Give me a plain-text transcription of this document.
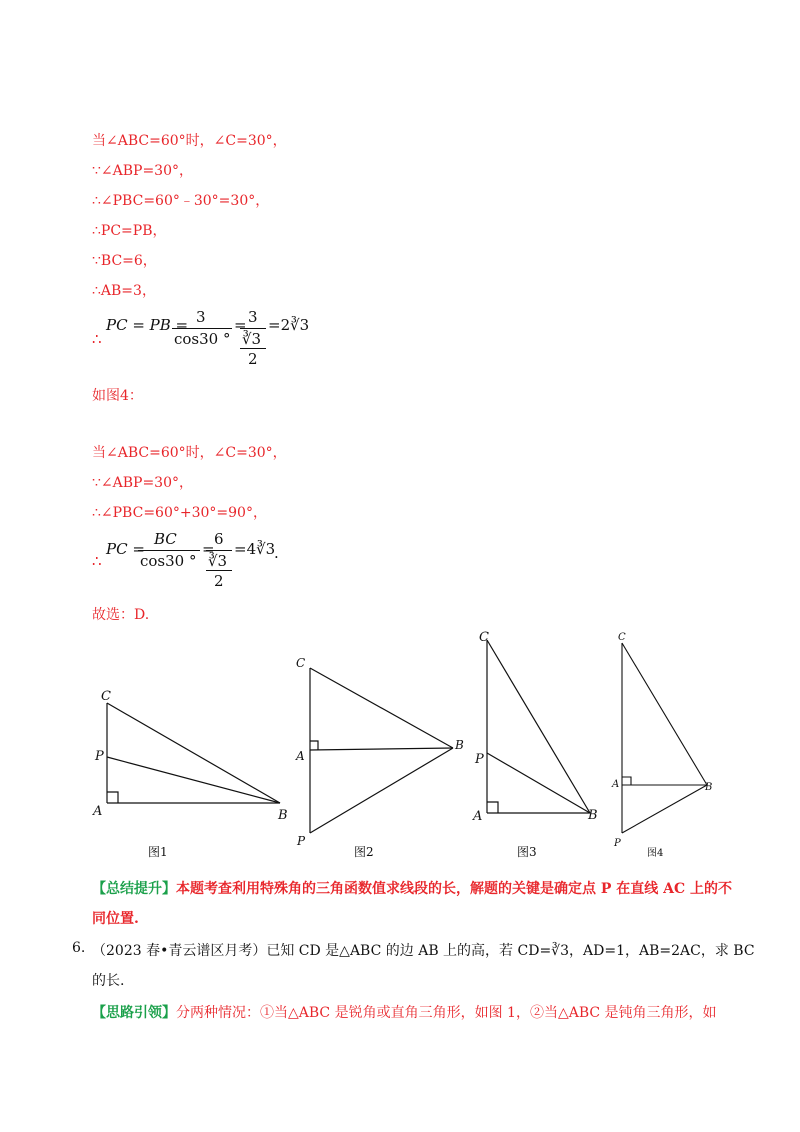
当∠ABC=60°时，∠C=30°，
∵∠ABP=30°，
∴∠PBC=60°﹣30°=30°，
∴PC=PB，
∵BC=6，
∴AB=3，
∴
PC = PB = 3
cos30 °
= 3
∛3
2
=2∛3
如图4：
当∠ABC=60°时，∠C=30°，
∵∠ABP=30°，
∴∠PBC=60°+30°=90°，
∴
PC =
BC
cos30 °
=
6
∛3
2
=4∛3
.
故选：D.
C
P
A	B
图1
C
A
B
P
图2
C
P
A	B
图3
C
A	B
P
图4
【总结提升】本题考查利用特殊角的三角函数值求线段的长，解题的关键是确定点 P 在直线 AC 上的不
同位置.
6. （2023 春•青云谱区月考）已知 CD 是△ABC 的边 AB 上的高，若 CD=∛3，AD=1，AB=2AC，求 BC
的长.
【思路引领】分两种情况：①当△ABC 是锐角或直角三角形，如图 1，②当△ABC 是钝角三角形，如
